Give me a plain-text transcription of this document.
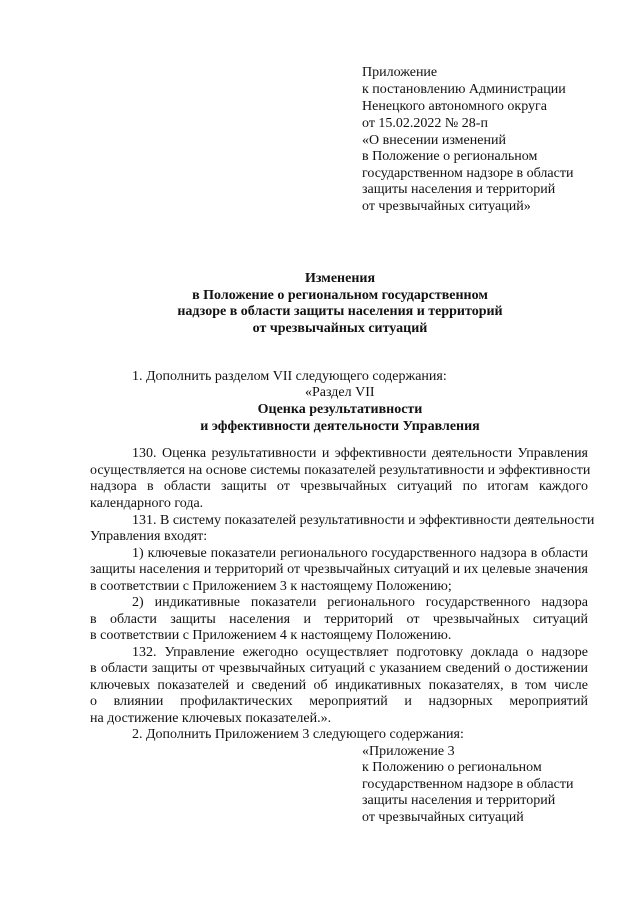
Приложение
к постановлению Администрации
Ненецкого автономного округа
от 15.02.2022 № 28-п
«О внесении изменений
в Положение о региональном
государственном надзоре в области
защиты населения и территорий
от чрезвычайных ситуаций»
Изменения
в Положение о региональном государственном
надзоре в области защиты населения и территорий
от чрезвычайных ситуаций
1. Дополнить разделом VII следующего содержания:
«Раздел VII
Оценка результативности
и эффективности деятельности Управления
130. Оценка результативности и эффективности деятельности Управления
осуществляется на основе системы показателей результативности и эффективности
надзора в области защиты от чрезвычайных ситуаций по итогам каждого
календарного года.
131. В систему показателей результативности и эффективности деятельности
Управления входят:
1) ключевые показатели регионального государственного надзора в области
защиты населения и территорий от чрезвычайных ситуаций и их целевые значения
в соответствии с Приложением 3 к настоящему Положению;
2) индикативные показатели регионального государственного надзора
в области защиты населения и территорий от чрезвычайных ситуаций
в соответствии с Приложением 4 к настоящему Положению.
132. Управление ежегодно осуществляет подготовку доклада о надзоре
в области защиты от чрезвычайных ситуаций с указанием сведений о достижении
ключевых показателей и сведений об индикативных показателях, в том числе
о влиянии профилактических мероприятий и надзорных мероприятий
на достижение ключевых показателей.».
2. Дополнить Приложением 3 следующего содержания:
«Приложение 3
к Положению о региональном
государственном надзоре в области
защиты населения и территорий
от чрезвычайных ситуаций
